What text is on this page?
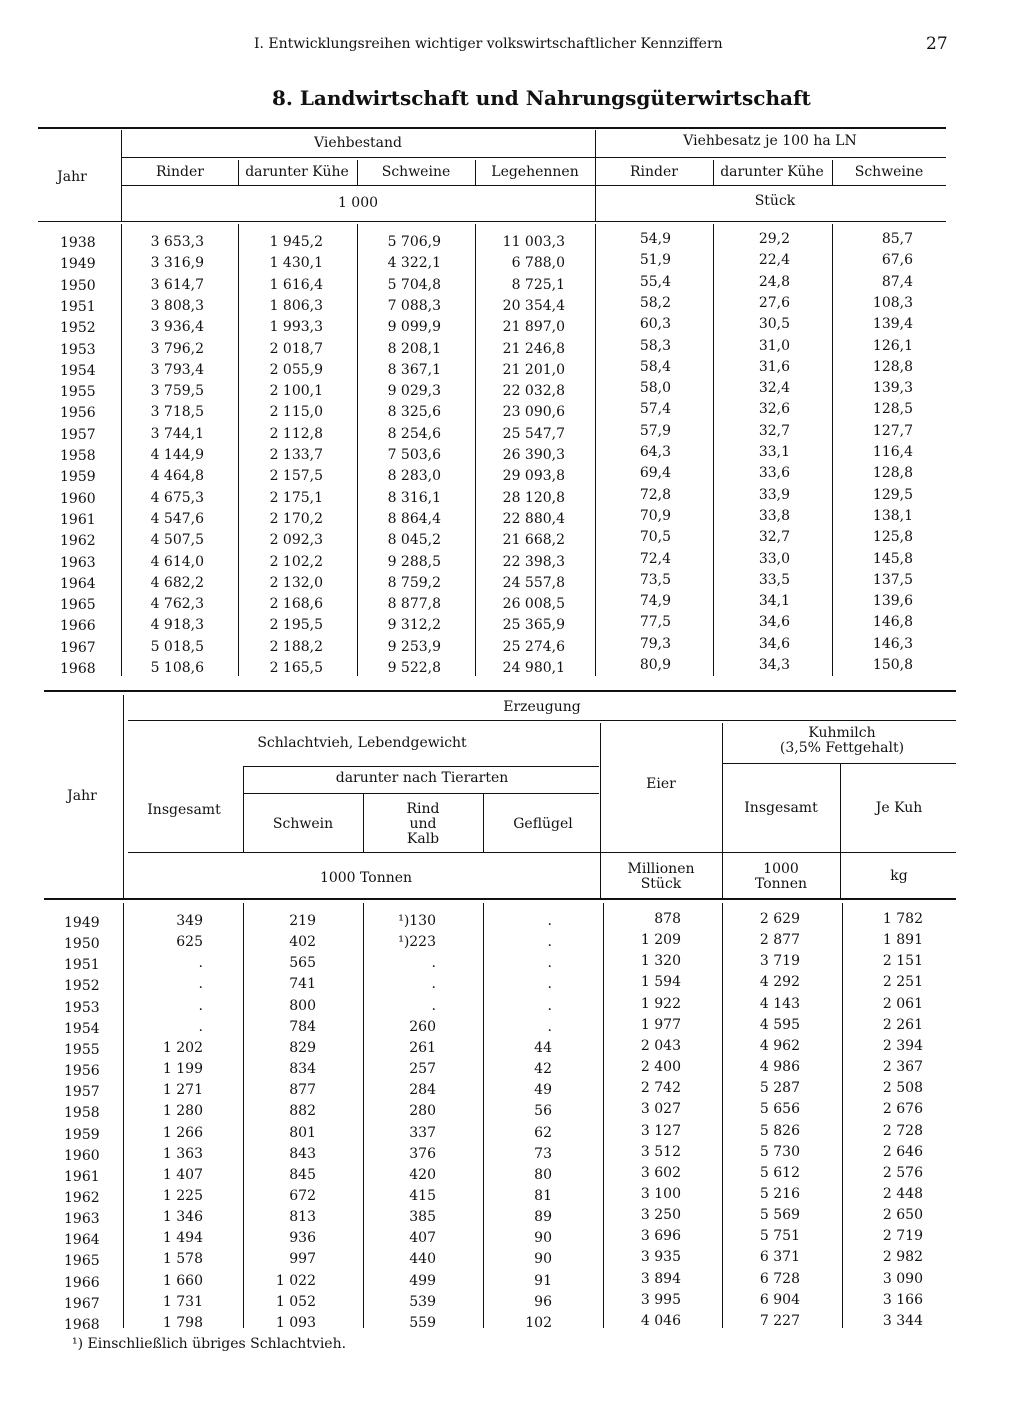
I. Entwicklungsreihen wichtiger volkswirtschaftlicher Kennziffern	27
8. Landwirtschaft und Nahrungsgüterwirtschaft
Jahr
Viehbestand	Viehbesatz je 100 ha LN
Rinder	darunter Kühe	Schweine	Legehennen	Rinder	darunter Kühe	Schweine
1 000	Stück
1938	3 653,3	1 945,2	5 706,9	11 003,3	54,9	29,2	85,7
1949	3 316,9	1 430,1	4 322,1	6 788,0	51,9	22,4	67,6
1950	3 614,7	1 616,4	5 704,8	8 725,1	55,4	24,8	87,4
1951	3 808,3	1 806,3	7 088,3	20 354,4	58,2	27,6	108,3
1952	3 936,4	1 993,3	9 099,9	21 897,0	60,3	30,5	139,4
1953	3 796,2	2 018,7	8 208,1	21 246,8	58,3	31,0	126,1
1954	3 793,4	2 055,9	8 367,1	21 201,0	58,4	31,6	128,8
1955	3 759,5	2 100,1	9 029,3	22 032,8	58,0	32,4	139,3
1956	3 718,5	2 115,0	8 325,6	23 090,6	57,4	32,6	128,5
1957	3 744,1	2 112,8	8 254,6	25 547,7	57,9	32,7	127,7
1958	4 144,9	2 133,7	7 503,6	26 390,3	64,3	33,1	116,4
1959	4 464,8	2 157,5	8 283,0	29 093,8	69,4	33,6	128,8
1960	4 675,3	2 175,1	8 316,1	28 120,8	72,8	33,9	129,5
1961	4 547,6	2 170,2	8 864,4	22 880,4	70,9	33,8	138,1
1962	4 507,5	2 092,3	8 045,2	21 668,2	70,5	32,7	125,8
1963	4 614,0	2 102,2	9 288,5	22 398,3	72,4	33,0	145,8
1964	4 682,2	2 132,0	8 759,2	24 557,8	73,5	33,5	137,5
1965	4 762,3	2 168,6	8 877,8	26 008,5	74,9	34,1	139,6
1966	4 918,3	2 195,5	9 312,2	25 365,9	77,5	34,6	146,8
1967	5 018,5	2 188,2	9 253,9	25 274,6	79,3	34,6	146,3
1968	5 108,6	2 165,5	9 522,8	24 980,1	80,9	34,3	150,8
Jahr
Erzeugung
Schlachtvieh, Lebendgewicht
darunter nach Tierarten
Kuhmilch
(3,5% Fettgehalt)
Insgesamt
Schwein
Rind
und
Kalb
Geflügel
Eier
Insgesamt	Je Kuh
1000 Tonnen
Millionen
Stück
1000
Tonnen	kg
1949	349	219	¹)130	.	878	2 629	1 782
1950	625	402	¹)223	.	1 209	2 877	1 891
1951	.	565	.	.	1 320	3 719	2 151
1952	.	741	.	.	1 594	4 292	2 251
1953	.	800	.	.	1 922	4 143	2 061
1954	.	784	260	.	1 977	4 595	2 261
1955	1 202	829	261	44	2 043	4 962	2 394
1956	1 199	834	257	42	2 400	4 986	2 367
1957	1 271	877	284	49	2 742	5 287	2 508
1958	1 280	882	280	56	3 027	5 656	2 676
1959	1 266	801	337	62	3 127	5 826	2 728
1960	1 363	843	376	73	3 512	5 730	2 646
1961	1 407	845	420	80	3 602	5 612	2 576
1962	1 225	672	415	81	3 100	5 216	2 448
1963	1 346	813	385	89	3 250	5 569	2 650
1964	1 494	936	407	90	3 696	5 751	2 719
1965	1 578	997	440	90	3 935	6 371	2 982
1966	1 660	1 022	499	91	3 894	6 728	3 090
1967	1 731	1 052	539	96	3 995	6 904	3 166
1968	1 798	1 093	559	102	4 046	7 227	3 344
¹) Einschließlich übriges Schlachtvieh.
